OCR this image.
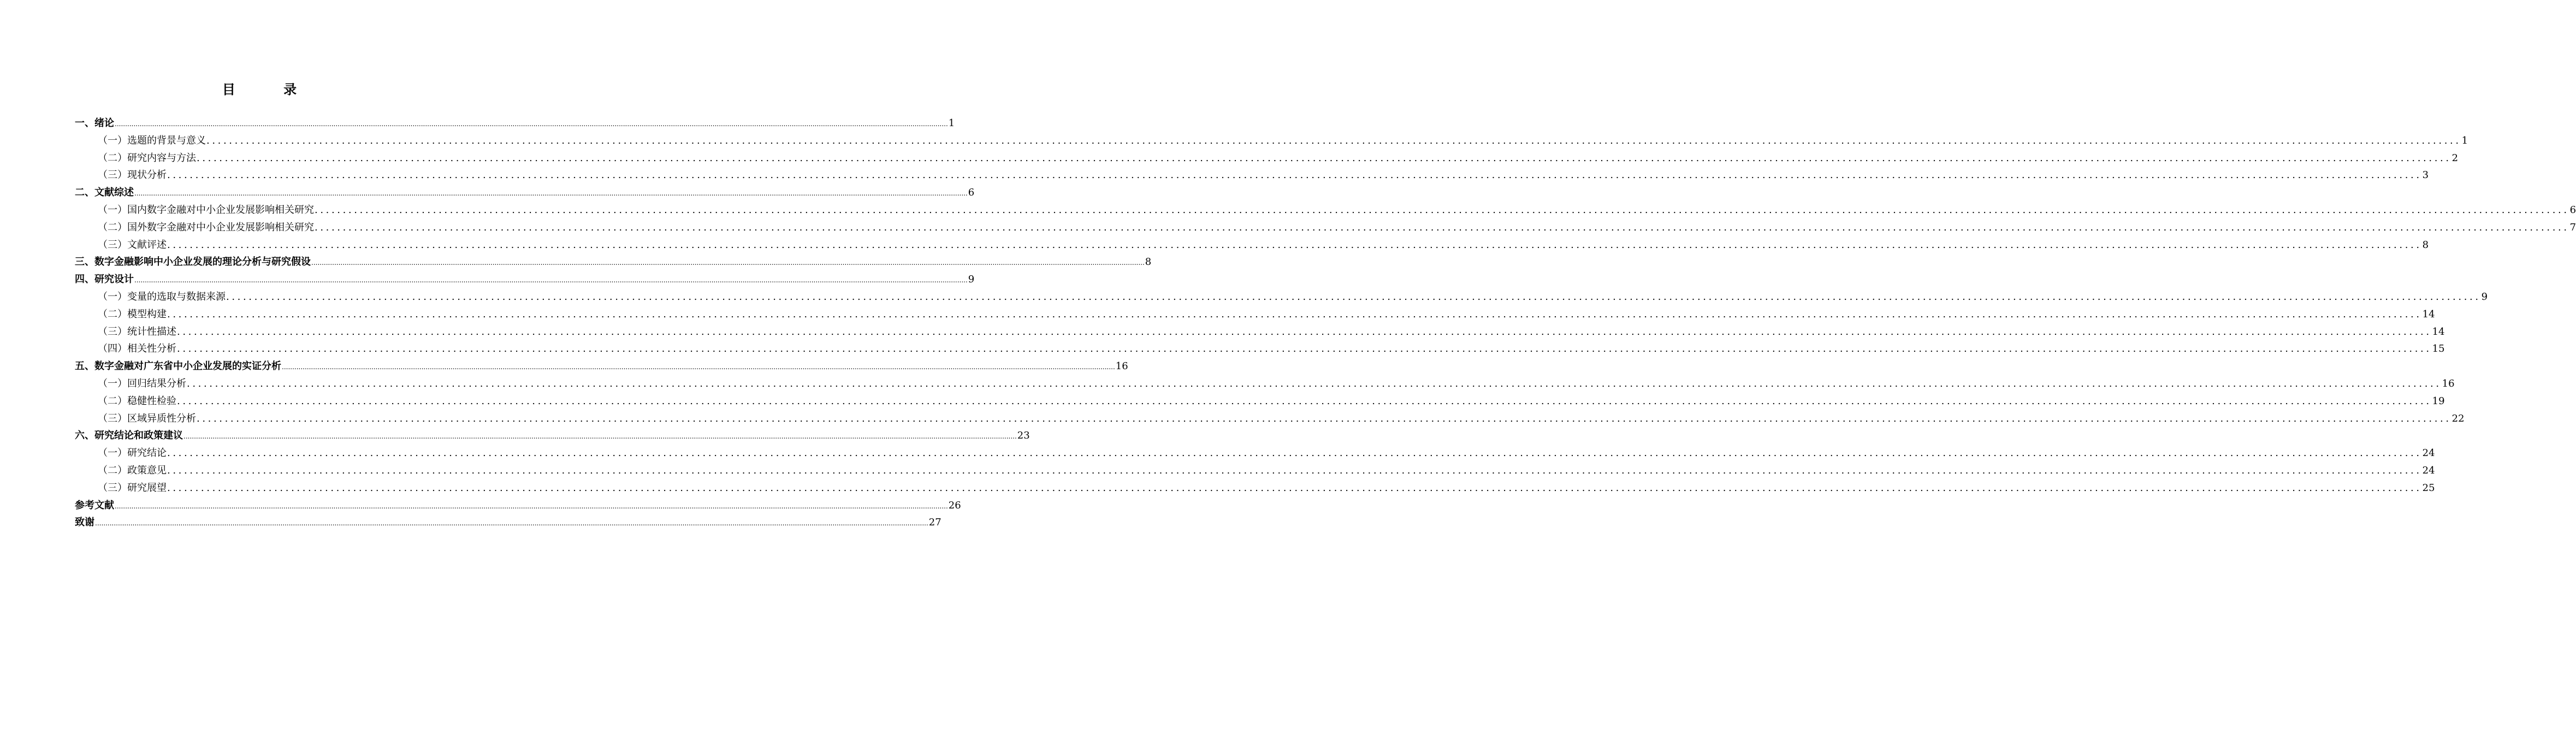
目 录
一、绪论 ................................................................................................................................................................................................................................................................................................................................................................................................................ 1
（一）选题的背景与意义 ................................................................................................................................................................................................................................................................................................................................................................................................................ 1
（二）研究内容与方法 ................................................................................................................................................................................................................................................................................................................................................................................................................ 2
（三）现状分析 ................................................................................................................................................................................................................................................................................................................................................................................................................ 3
二、文献综述 ................................................................................................................................................................................................................................................................................................................................................................................................................ 6
（一）国内数字金融对中小企业发展影响相关研究 ................................................................................................................................................................................................................................................................................................................................................................................................................ 6
（二）国外数字金融对中小企业发展影响相关研究 ................................................................................................................................................................................................................................................................................................................................................................................................................ 7
（三）文献评述 ................................................................................................................................................................................................................................................................................................................................................................................................................ 8
三、数字金融影响中小企业发展的理论分析与研究假设 ................................................................................................................................................................................................................................................................................................................................................................................................................ 8
四、研究设计 ................................................................................................................................................................................................................................................................................................................................................................................................................ 9
（一）变量的选取与数据来源 ................................................................................................................................................................................................................................................................................................................................................................................................................ 9
（二）模型构建 ................................................................................................................................................................................................................................................................................................................................................................................................................ 14
（三）统计性描述 ................................................................................................................................................................................................................................................................................................................................................................................................................ 14
（四）相关性分析 ................................................................................................................................................................................................................................................................................................................................................................................................................ 15
五、数字金融对广东省中小企业发展的实证分析 ................................................................................................................................................................................................................................................................................................................................................................................................................ 16
（一）回归结果分析 ................................................................................................................................................................................................................................................................................................................................................................................................................ 16
（二）稳健性检验 ................................................................................................................................................................................................................................................................................................................................................................................................................ 19
（三）区域异质性分析 ................................................................................................................................................................................................................................................................................................................................................................................................................ 22
六、研究结论和政策建议 ................................................................................................................................................................................................................................................................................................................................................................................................................ 23
（一）研究结论 ................................................................................................................................................................................................................................................................................................................................................................................................................ 24
（二）政策意见 ................................................................................................................................................................................................................................................................................................................................................................................................................ 24
（三）研究展望 ................................................................................................................................................................................................................................................................................................................................................................................................................ 25
参考文献 ................................................................................................................................................................................................................................................................................................................................................................................................................ 26
致谢 ................................................................................................................................................................................................................................................................................................................................................................................................................ 27
